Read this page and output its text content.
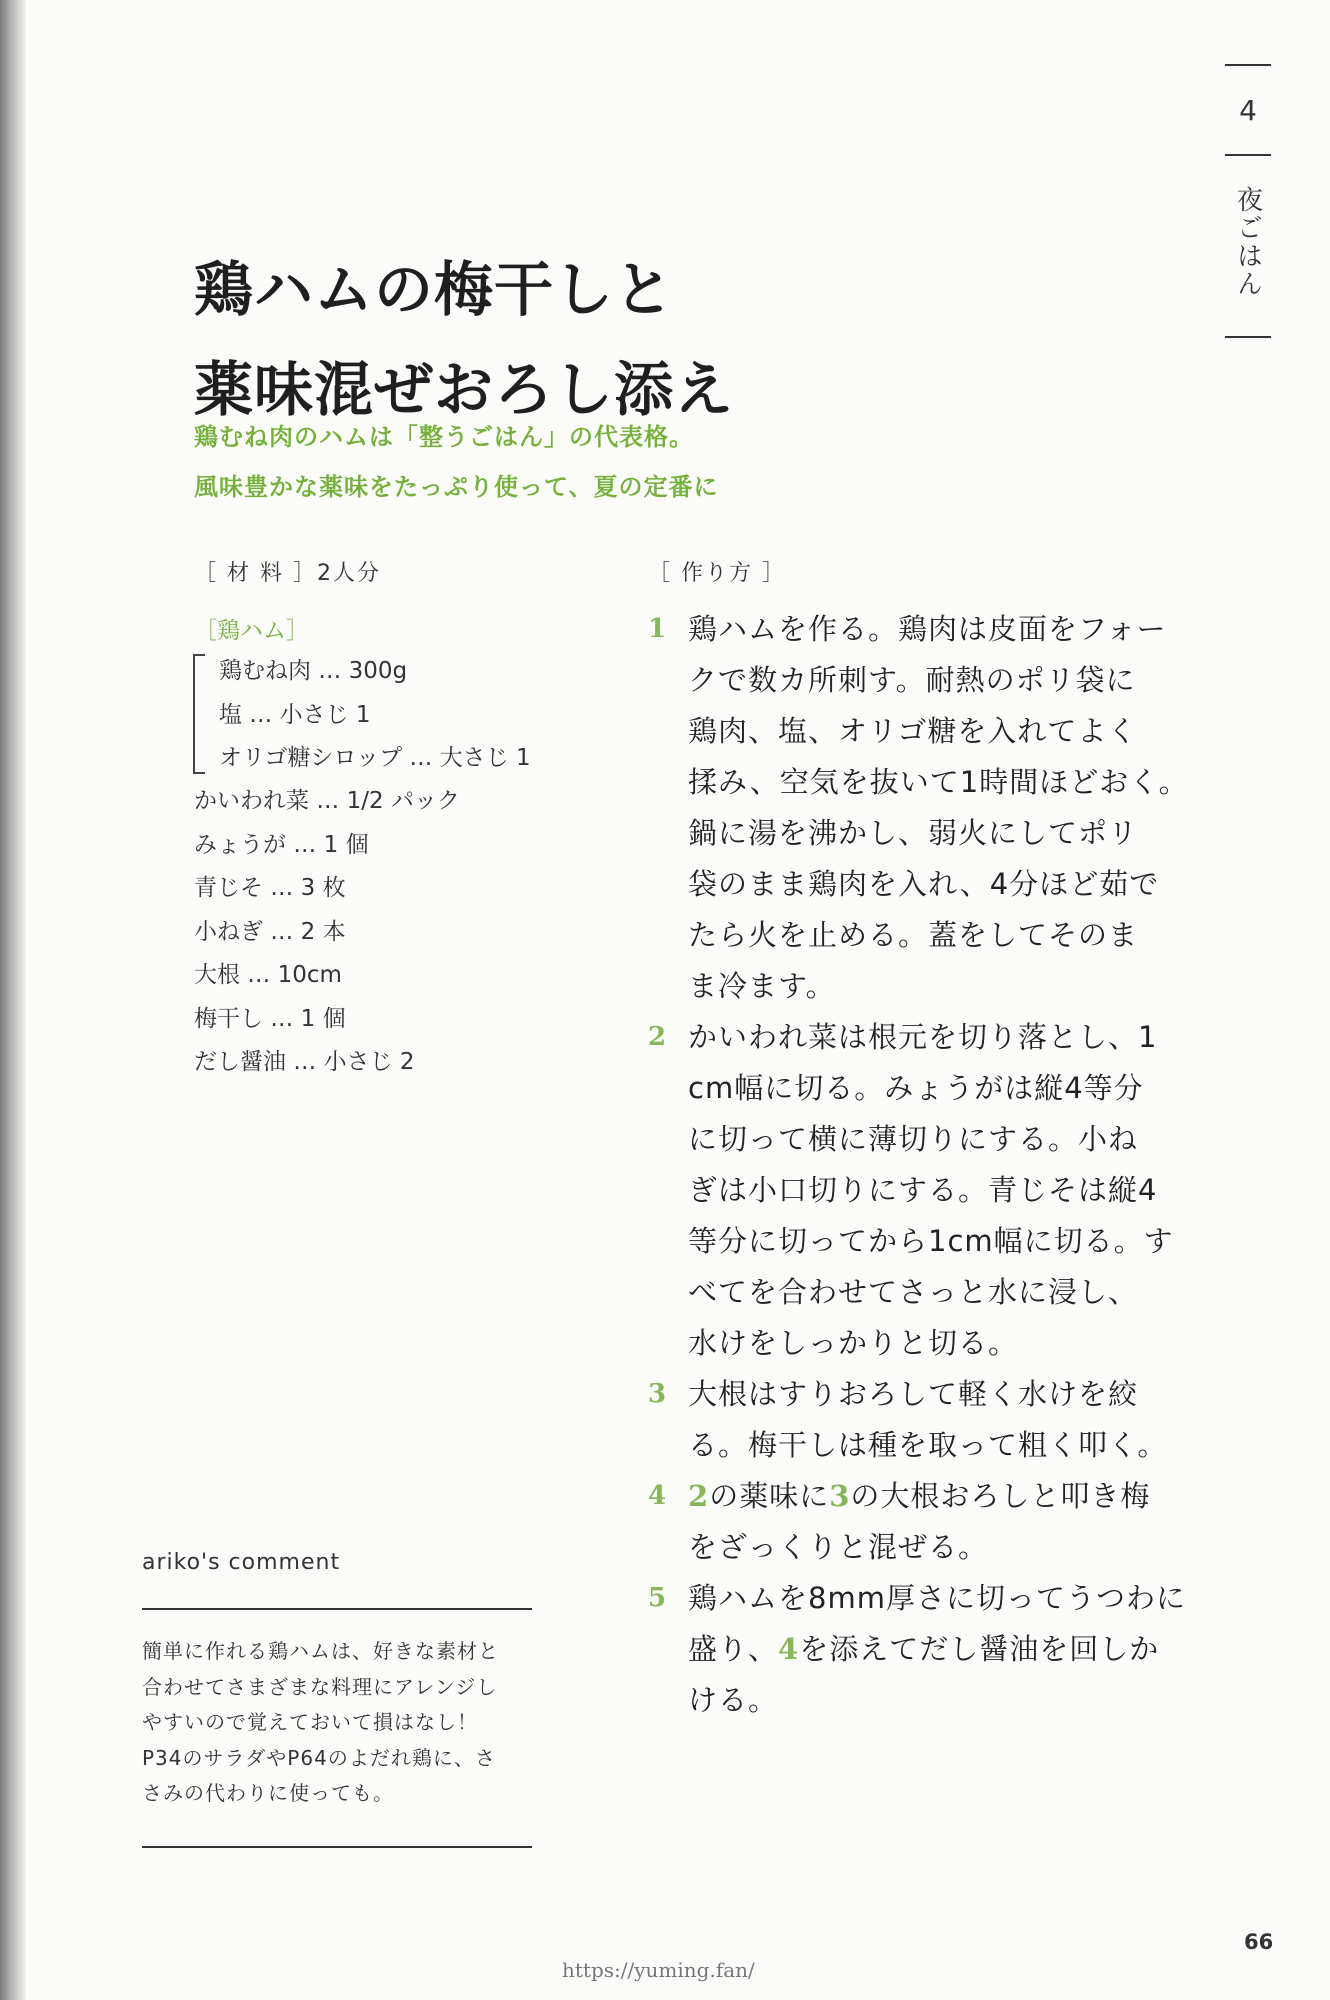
4
夜ごはん
鶏ハムの梅干しと
薬味混ぜおろし添え
鶏むね肉のハムは「整うごはん」の代表格。
風味豊かな薬味をたっぷり使って、夏の定番に
［ 材 料 ］2人分
［鶏ハム］
鶏むね肉 … 300g
塩 … 小さじ 1
オリゴ糖シロップ … 大さじ 1
かいわれ菜 … 1/2 パック
みょうが … 1 個
青じそ … 3 枚
小ねぎ … 2 本
大根 … 10cm
梅干し … 1 個
だし醤油 … 小さじ 2
［ 作り方 ］
1 鶏ハムを作る。鶏肉は皮面をフォー
クで数カ所刺す。耐熱のポリ袋に
鶏肉、塩、オリゴ糖を入れてよく
揉み、空気を抜いて1時間ほどおく。
鍋に湯を沸かし、弱火にしてポリ
袋のまま鶏肉を入れ、4分ほど茹で
たら火を止める。蓋をしてそのま
ま冷ます。
2 かいわれ菜は根元を切り落とし、1
cm幅に切る。みょうがは縦4等分
に切って横に薄切りにする。小ね
ぎは小口切りにする。青じそは縦4
等分に切ってから1cm幅に切る。す
べてを合わせてさっと水に浸し、
水けをしっかりと切る。
3 大根はすりおろして軽く水けを絞
る。梅干しは種を取って粗く叩く。
4 2の薬味に3の大根おろしと叩き梅
をざっくりと混ぜる。
5 鶏ハムを8mm厚さに切ってうつわに
盛り、4を添えてだし醤油を回しか
ける。
ariko's comment
簡単に作れる鶏ハムは、好きな素材と
合わせてさまざまな料理にアレンジし
やすいので覚えておいて損はなし！
P34のサラダやP64のよだれ鶏に、さ
さみの代わりに使っても。
66
https://yuming.fan/
